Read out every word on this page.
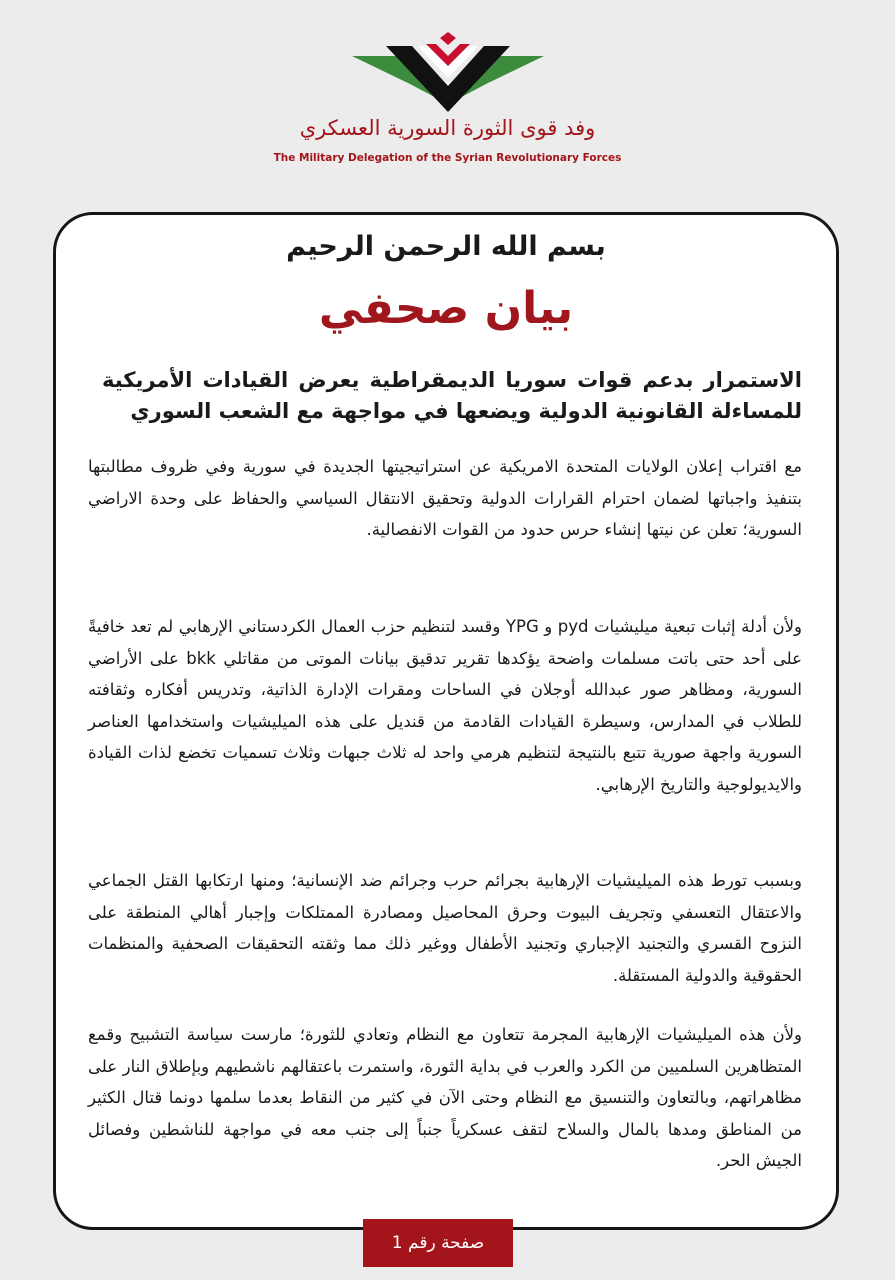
وفد قوى الثورة السورية العسكري
The Military Delegation of the Syrian Revolutionary Forces
بسم الله الرحمن الرحيم
بيان صحفي
الاستمرار بدعم قوات سوريا الديمقراطية يعرض القيادات الأمريكية للمساءلة القانونية الدولية ويضعها في مواجهة مع الشعب السوري
مع اقتراب إعلان الولايات المتحدة الامريكية عن استراتيجيتها الجديدة في سورية وفي ظروف مطالبتها بتنفيذ واجباتها لضمان احترام القرارات الدولية وتحقيق الانتقال السياسي والحفاظ على وحدة الاراضي السورية؛ تعلن عن نيتها إنشاء حرس حدود من القوات الانفصالية.
ولأن أدلة إثبات تبعية ميليشيات pyd و YPG وقسد لتنظيم حزب العمال الكردستاني الإرهابي لم تعد خافيةً على أحد حتى باتت مسلمات واضحة يؤكدها تقرير تدقيق بيانات الموتى من مقاتلي bkk على الأراضي السورية، ومظاهر صور عبدالله أوجلان في الساحات ومقرات الإدارة الذاتية، وتدريس أفكاره وثقافته للطلاب في المدارس، وسيطرة القيادات القادمة من قنديل على هذه الميليشيات واستخدامها العناصر السورية واجهة صورية تتبع بالنتيجة لتنظيم هرمي واحد له ثلاث جبهات وثلاث تسميات تخضع لذات القيادة والايديولوجية والتاريخ الإرهابي.
وبسبب تورط هذه الميليشيات الإرهابية بجرائم حرب وجرائم ضد الإنسانية؛ ومنها ارتكابها القتل الجماعي والاعتقال التعسفي وتجريف البيوت وحرق المحاصيل ومصادرة الممتلكات وإجبار أهالي المنطقة على النزوح القسري والتجنيد الإجباري وتجنيد الأطفال ووغير ذلك مما وثقته التحقيقات الصحفية والمنظمات الحقوقية والدولية المستقلة.
ولأن هذه الميليشيات الإرهابية المجرمة تتعاون مع النظام وتعادي للثورة؛ مارست سياسة التشبيح وقمع المتظاهرين السلميين من الكرد والعرب في بداية الثورة، واستمرت باعتقالهم ناشطيهم وبإطلاق النار على مظاهراتهم، وبالتعاون والتنسيق مع النظام وحتى الآن في كثير من النقاط بعدما سلمها دونما قتال الكثير من المناطق ومدها بالمال والسلاح لتقف عسكرياً جنباً إلى جنب معه في مواجهة للناشطين وفصائل الجيش الحر.
صفحة رقم 1
